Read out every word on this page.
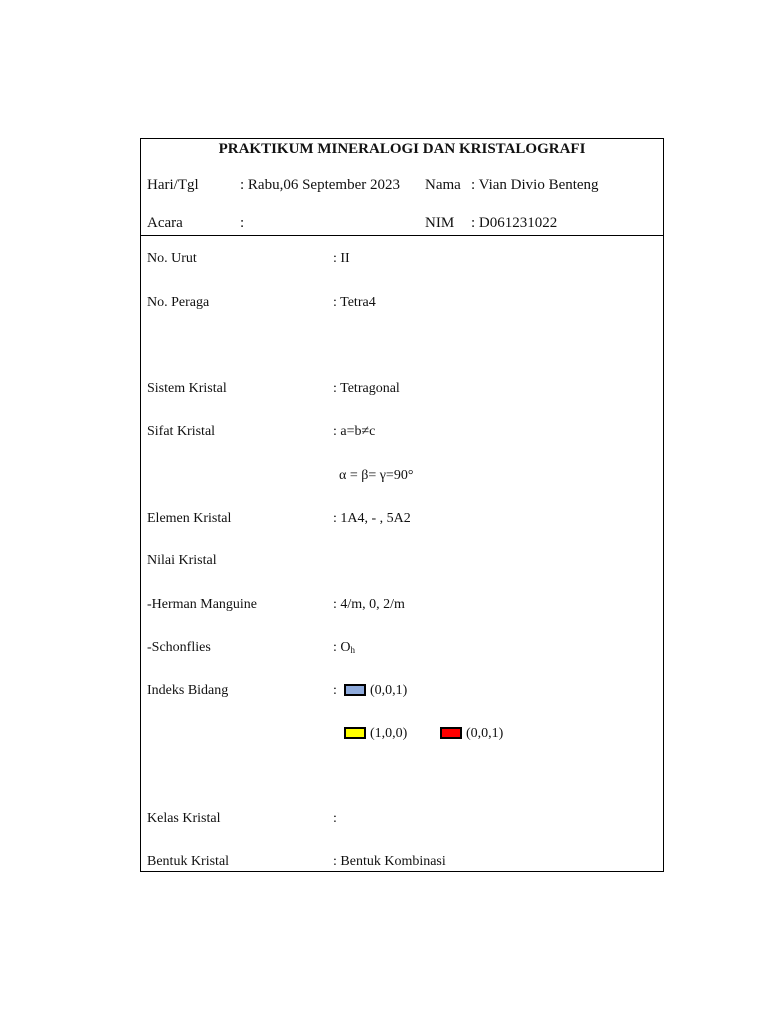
PRAKTIKUM MINERALOGI DAN KRISTALOGRAFI
Hari/Tgl	: Rabu,06 September 2023 Nama : Vian Divio Benteng
Acara	:	NIM : D061231022
No. Urut	: II
No. Peraga	: Tetra4
Sistem Kristal	: Tetragonal
Sifat Kristal	: a=b≠c
α = β= γ=90°
Elemen Kristal	: 1A4, - , 5A2
Nilai Kristal
-Herman Manguine	: 4/m, 0, 2/m
-Schonflies	: $O_h$
Indeks Bidang	:	(0,0,1)
(1,0,0)	(0,0,1)
Kelas Kristal	:
Bentuk Kristal	: Bentuk Kombinasi
